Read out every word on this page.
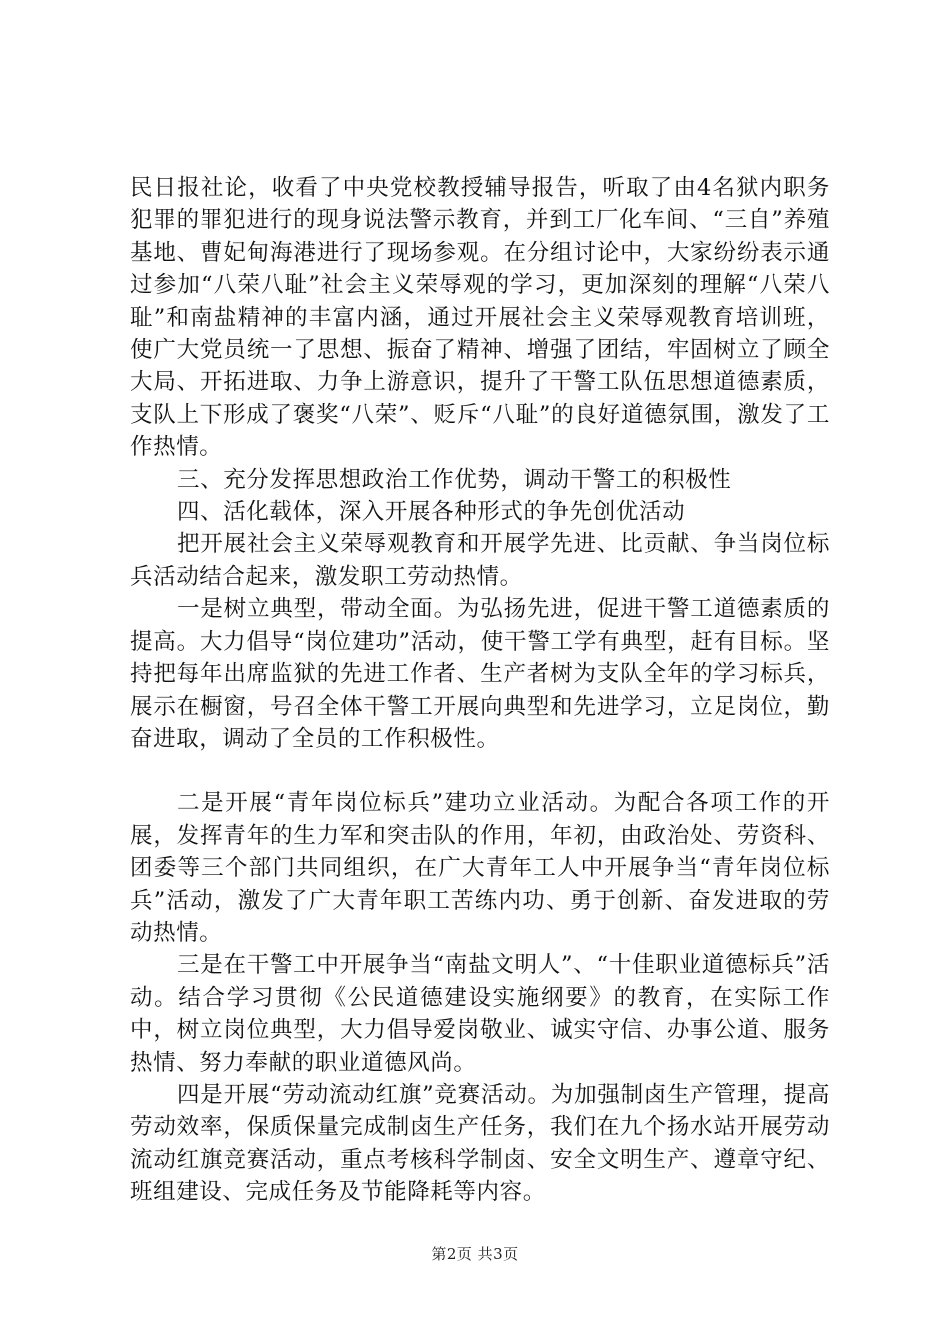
民日报社论，收看了中央党校教授辅导报告，听取了由4名狱内职务犯罪的罪犯进行的现身说法警示教育，并到工厂化车间、“三自”养殖基地、曹妃甸海港进行了现场参观。在分组讨论中，大家纷纷表示通过参加“八荣八耻”社会主义荣辱观的学习，更加深刻的理解“八荣八耻”和南盐精神的丰富内涵，通过开展社会主义荣辱观教育培训班，使广大党员统一了思想、振奋了精神、增强了团结，牢固树立了顾全大局、开拓进取、力争上游意识，提升了干警工队伍思想道德素质，支队上下形成了褒奖“八荣”、贬斥“八耻”的良好道德氛围，激发了工作热情。

三、充分发挥思想政治工作优势，调动干警工的积极性

四、活化载体，深入开展各种形式的争先创优活动

把开展社会主义荣辱观教育和开展学先进、比贡献、争当岗位标兵活动结合起来，激发职工劳动热情。

一是树立典型，带动全面。为弘扬先进，促进干警工道德素质的提高。大力倡导“岗位建功”活动，使干警工学有典型，赶有目标。坚持把每年出席监狱的先进工作者、生产者树为支队全年的学习标兵，展示在橱窗，号召全体干警工开展向典型和先进学习，立足岗位，勤奋进取，调动了全员的工作积极性。

二是开展“青年岗位标兵”建功立业活动。为配合各项工作的开展，发挥青年的生力军和突击队的作用，年初，由政治处、劳资科、团委等三个部门共同组织，在广大青年工人中开展争当“青年岗位标兵”活动，激发了广大青年职工苦练内功、勇于创新、奋发进取的劳动热情。

三是在干警工中开展争当“南盐文明人”、“十佳职业道德标兵”活动。结合学习贯彻《公民道德建设实施纲要》的教育，在实际工作中，树立岗位典型，大力倡导爱岗敬业、诚实守信、办事公道、服务热情、努力奉献的职业道德风尚。

四是开展“劳动流动红旗”竞赛活动。为加强制卤生产管理，提高劳动效率，保质保量完成制卤生产任务，我们在九个扬水站开展劳动流动红旗竞赛活动，重点考核科学制卤、安全文明生产、遵章守纪、班组建设、完成任务及节能降耗等内容。

第2页 共3页
